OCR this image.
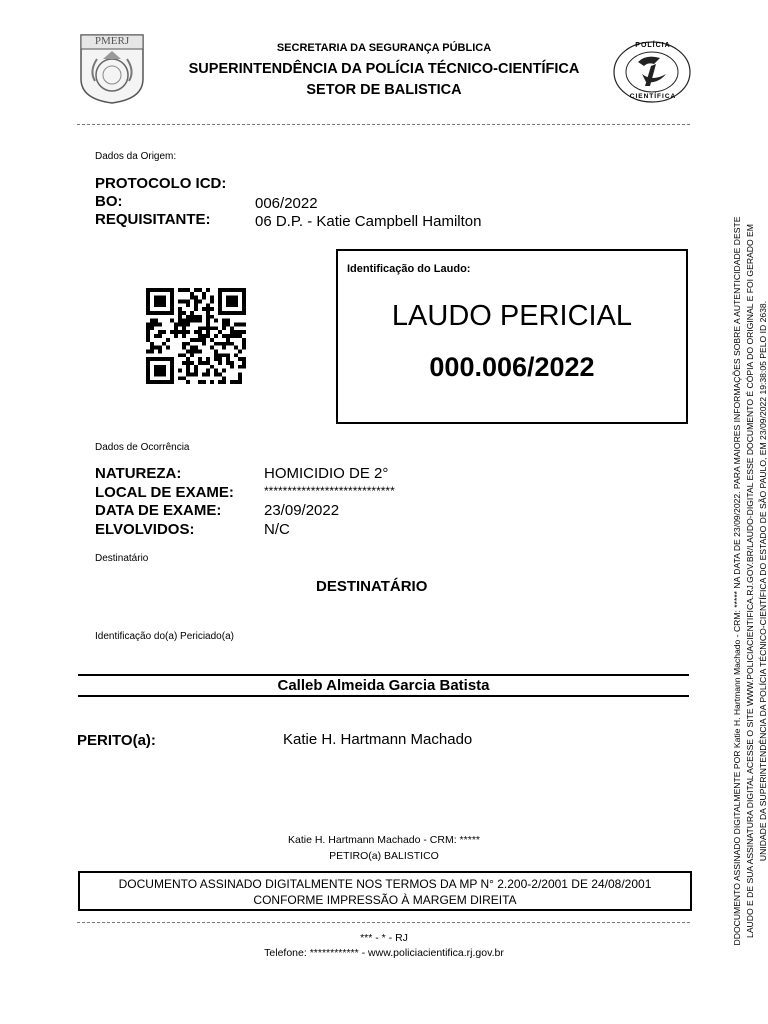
PMERJ
SECRETARIA DA SEGURANÇA PÚBLICA
SUPERINTENDÊNCIA DA POLÍCIA TÉCNICO-CIENTÍFICA
SETOR DE BALISTICA
POLÍCIA
CIENTÍFICA
Dados da Origem:
PROTOCOLO ICD:
BO:	006/2022
REQUISITANTE:	06 D.P. - Katie Campbell Hamilton
Identificação do Laudo:
LAUDO PERICIAL
000.006/2022
Dados de Ocorrência
NATUREZA:	HOMICIDIO DE 2°
LOCAL DE EXAME:	****************************
DATA DE EXAME:	23/09/2022
ELVOLVIDOS:	N/C
Destinatário
DESTINATÁRIO
Identificação do(a) Periciado(a)
Calleb Almeida Garcia Batista
PERITO(a):	Katie H. Hartmann Machado
Katie H. Hartmann Machado - CRM: *****
PETIRO(a) BALISTICO
DOCUMENTO ASSINADO DIGITALMENTE NOS TERMOS DA MP N° 2.200-2/2001 DE 24/08/2001
CONFORME IMPRESSÃO À MARGEM DIREITA
*** - * - RJ
Telefone: ************ - www.policiacientifica.rj.gov.br
DDOCUMENTO ASSINADO DIGITALMENTE POR Katie H. Hartmann Machado - CRM: ***** NA DATA DE 23/09/2022. PARA MAIORES INFORMAÇÕES SOBRE A AUTENTICIDADE DESTE LAUDO E DE SUA ASSINATURA DIGITAL ACESSE O SITE WWW.POLICIACIENTIFICA.RJ.GOV.BR/LAUDO-DIGITAL ESSE DOCUMENTO É CÓPIA DO ORIGINAL E FOI GERADO EM UNIDADE DA SUPERINTENDÊNCIA DA POLÍCIA TÉCNICO-CIENTÍFICA DO ESTADO DE SÃO PAULO, EM 23/09/2022 19:38:05 PELO ID 2638.
